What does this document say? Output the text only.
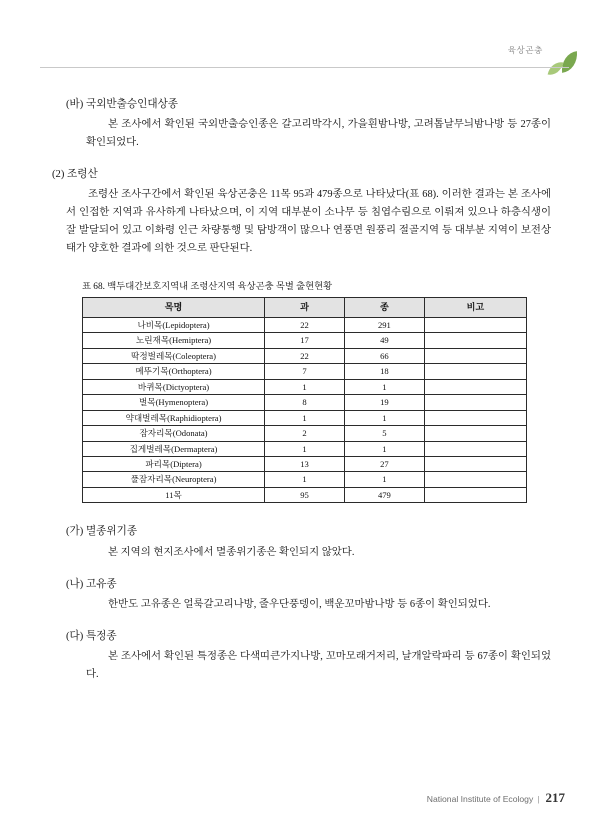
육상곤충
(바) 국외반출승인대상종
본 조사에서 확인된 국외반출승인종은 갈고리박각시, 가을흰밤나방, 고려톱날무늬밤나방 등 27종이 확인되었다.
(2) 조령산
조령산 조사구간에서 확인된 육상곤충은 11목 95과 479종으로 나타났다(표 68). 이러한 결과는 본 조사에서 인접한 지역과 유사하게 나타났으며, 이 지역 대부분이 소나무 등 침엽수림으로 이뤄져 있으나 하층식생이 잘 발달되어 있고 이화령 인근 차량통행 및 탐방객이 많으나 연풍면 원풍리 절골지역 등 대부분 지역이 보전상태가 양호한 결과에 의한 것으로 판단된다.
표 68. 백두대간보호지역내 조령산지역 육상곤충 목별 출현현황
목명	과	종	비고
나비목(Lepidoptera)	22	291	
노린재목(Hemiptera)	17	49	
딱정벌레목(Coleoptera)	22	66	
메뚜기목(Orthoptera)	7	18	
바퀴목(Dictyoptera)	1	1	
벌목(Hymenoptera)	8	19	
약대벌레목(Raphidioptera)	1	1	
잠자리목(Odonata)	2	5	
집게벌레목(Dermaptera)	1	1	
파리목(Diptera)	13	27	
풀잠자리목(Neuroptera)	1	1	
11목	95	479	
(가) 멸종위기종
본 지역의 현지조사에서 멸종위기종은 확인되지 않았다.
(나) 고유종
한반도 고유종은 얼룩갈고리나방, 줄우단풍뎅이, 백운꼬마밤나방 등 6종이 확인되었다.
(다) 특정종
본 조사에서 확인된 특정종은 다색띠큰가지나방, 꼬마모래거저리, 날개알락파리 등 67종이 확인되었다.
National Institute of Ecology | 217
